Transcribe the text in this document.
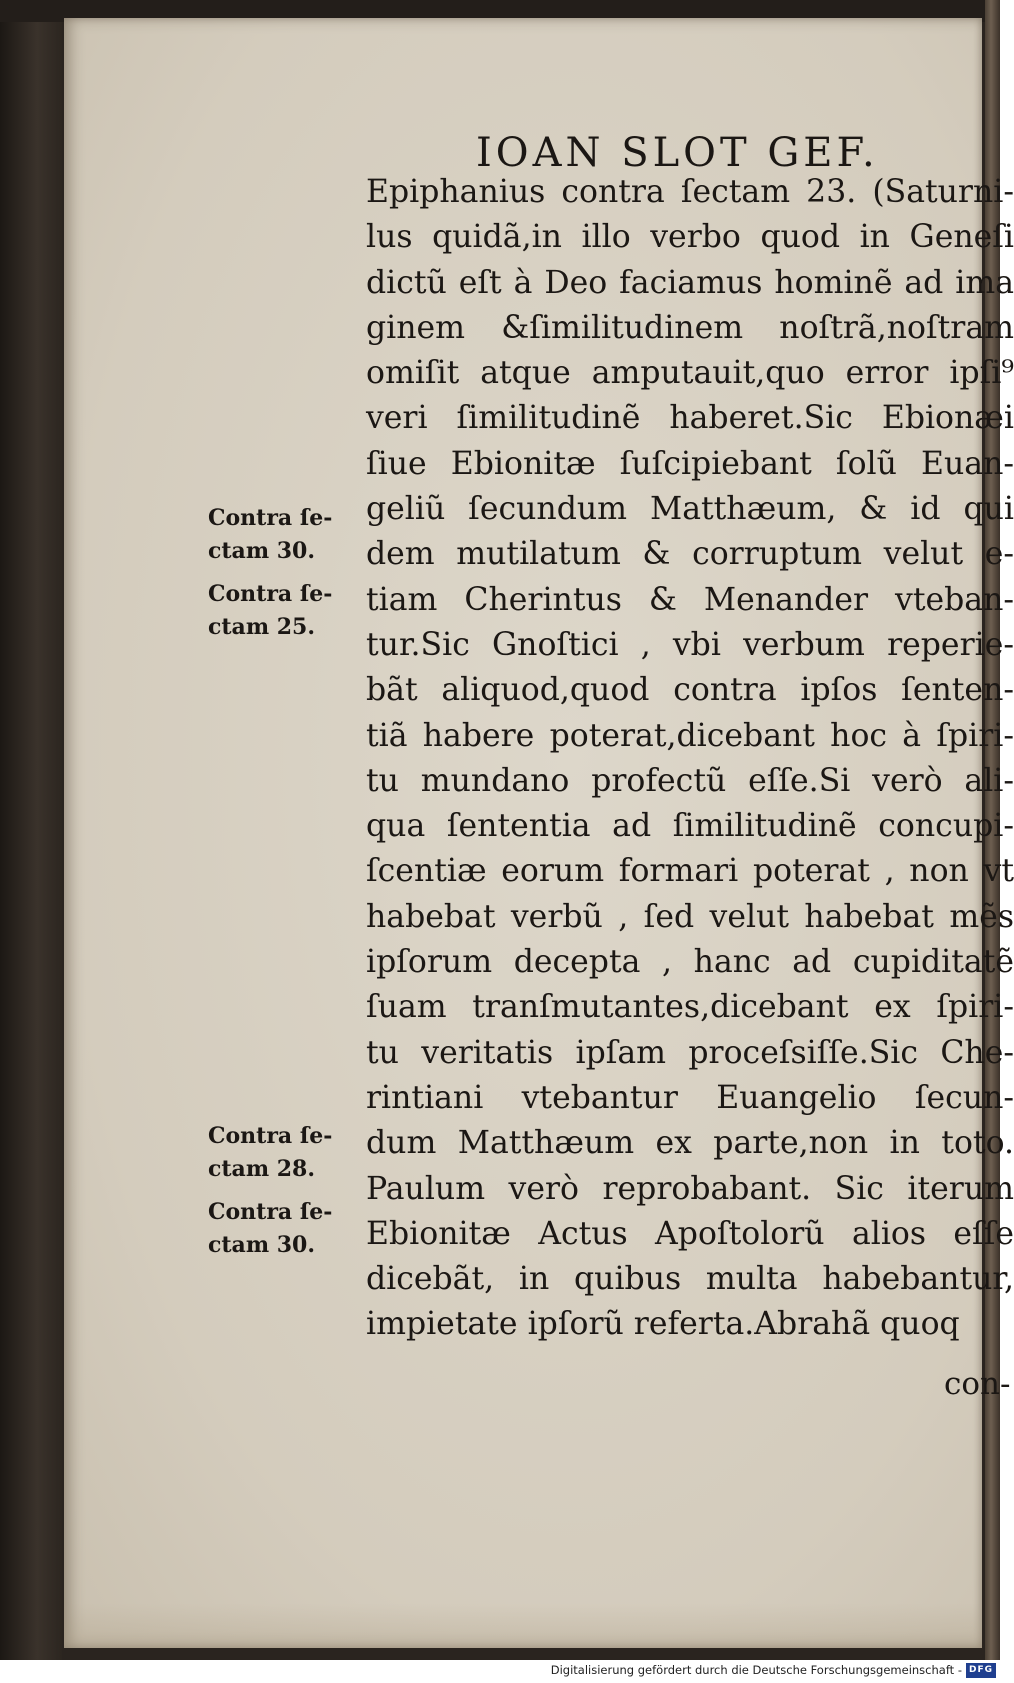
IOAN SLOT GEF.
Contra ſe-
ctam 30.
Contra ſe-
ctam 25.
Contra ſe-
ctam 28.
Contra ſe-
ctam 30.
Epiphanius contra ſectam 23. (Saturni-
lus quidã,in illo verbo quod in Geneſi
dictũ eſt à Deo faciamus hominẽ ad ima
ginem &ſimilitudinem noſtrã,noſtram
omiſit atque amputauit,quo error ipſi⁹
veri ſimilitudinẽ haberet.Sic Ebionæi
ſiue Ebionitæ ſuſcipiebant ſolũ Euan-
geliũ ſecundum Matthæum, & id qui
dem mutilatum & corruptum velut e-
tiam Cherintus & Menander vteban-
tur.Sic Gnoſtici , vbi verbum reperie-
bãt aliquod,quod contra ipſos ſenten-
tiã habere poterat,dicebant hoc à ſpiri-
tu mundano profectũ eſſe.Si verò ali-
qua ſententia ad ſimilitudinẽ concupi-
ſcentiæ eorum formari poterat , non vt
habebat verbũ , ſed velut habebat mẽs
ipſorum decepta , hanc ad cupiditatẽ
ſuam tranſmutantes,dicebant ex ſpiri-
tu veritatis ipſam proceſsiſſe.Sic Che-
rintiani vtebantur Euangelio ſecun-
dum Matthæum ex parte,non in toto.
Paulum verò reprobabant. Sic iterum
Ebionitæ Actus Apoſtolorũ alios eſſe
dicebãt, in quibus multa habebantur,
impietate ipſorũ referta.Abrahã quoq
con-
Digitalisierung gefördert durch die Deutsche Forschungsgemeinschaft - DFG
